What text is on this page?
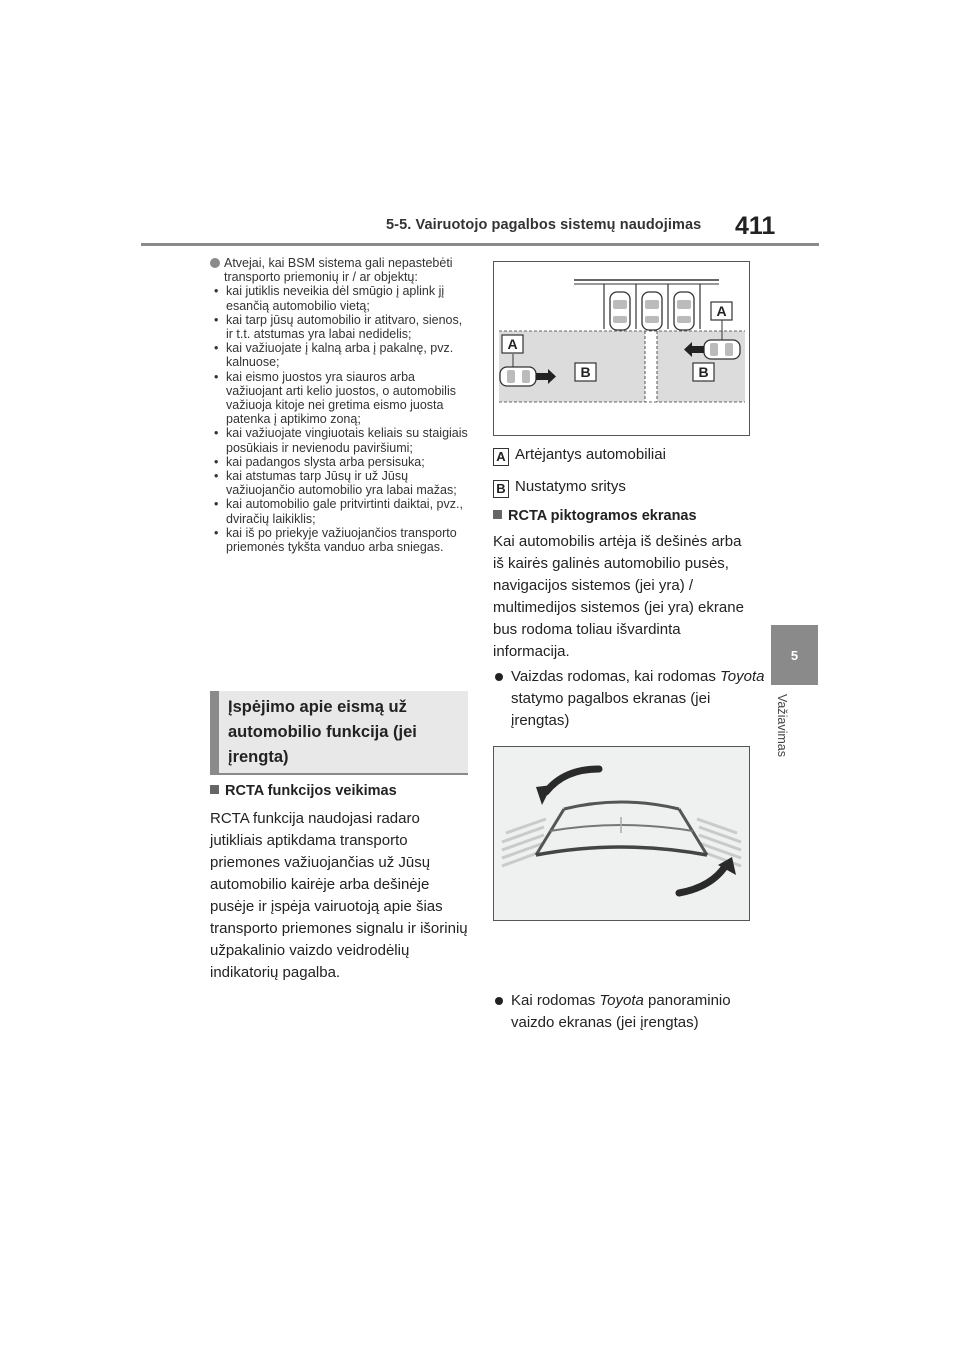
5-5. Vairuotojo pagalbos sistemų naudojimas 411
5
Važiavimas
Atvejai, kai BSM sistema gali nepastebėti transporto priemonių ir / ar objektų:
• kai jutiklis neveikia dėl smūgio į aplink jį esančią automobilio vietą;
• kai tarp jūsų automobilio ir atitvaro, sienos, ir t.t. atstumas yra labai nedidelis;
• kai važiuojate į kalną arba į pakalnę, pvz. kalnuose;
• kai eismo juostos yra siauros arba važiuojant arti kelio juostos, o automobilis važiuoja kitoje nei gretima eismo juosta patenka į aptikimo zoną;
• kai važiuojate vingiuotais keliais su staigiais posūkiais ir nevienodu paviršiumi;
• kai padangos slysta arba persisuka;
• kai atstumas tarp Jūsų ir už Jūsų važiuojančio automobilio yra labai mažas;
• kai automobilio gale pritvirtinti daiktai, pvz., dviračių laikiklis;
• kai iš po priekyje važiuojančios transporto priemonės tykšta vanduo arba sniegas.
Įspėjimo apie eismą už automobilio funkcija (jei įrengta)
RCTA funkcijos veikimas
RCTA funkcija naudojasi radaro jutikliais aptikdama transporto priemones važiuojančias už Jūsų automobilio kairėje arba dešinėje pusėje ir įspėja vairuotoją apie šias transporto priemones signalu ir išorinių užpakalinio vaizdo veidrodėlių indikatorių pagalba.
A
A
B	B
A Artėjantys automobiliai
B Nustatymo sritys
RCTA piktogramos ekranas
Kai automobilis artėja iš dešinės arba iš kairės galinės automobilio pusės, navigacijos sistemos (jei yra) / multimedijos sistemos (jei yra) ekrane bus rodoma toliau išvardinta informacija.
Vaizdas rodomas, kai rodomas Toyota statymo pagalbos ekranas (jei įrengtas)
Kai rodomas Toyota panoraminio vaizdo ekranas (jei įrengtas)
